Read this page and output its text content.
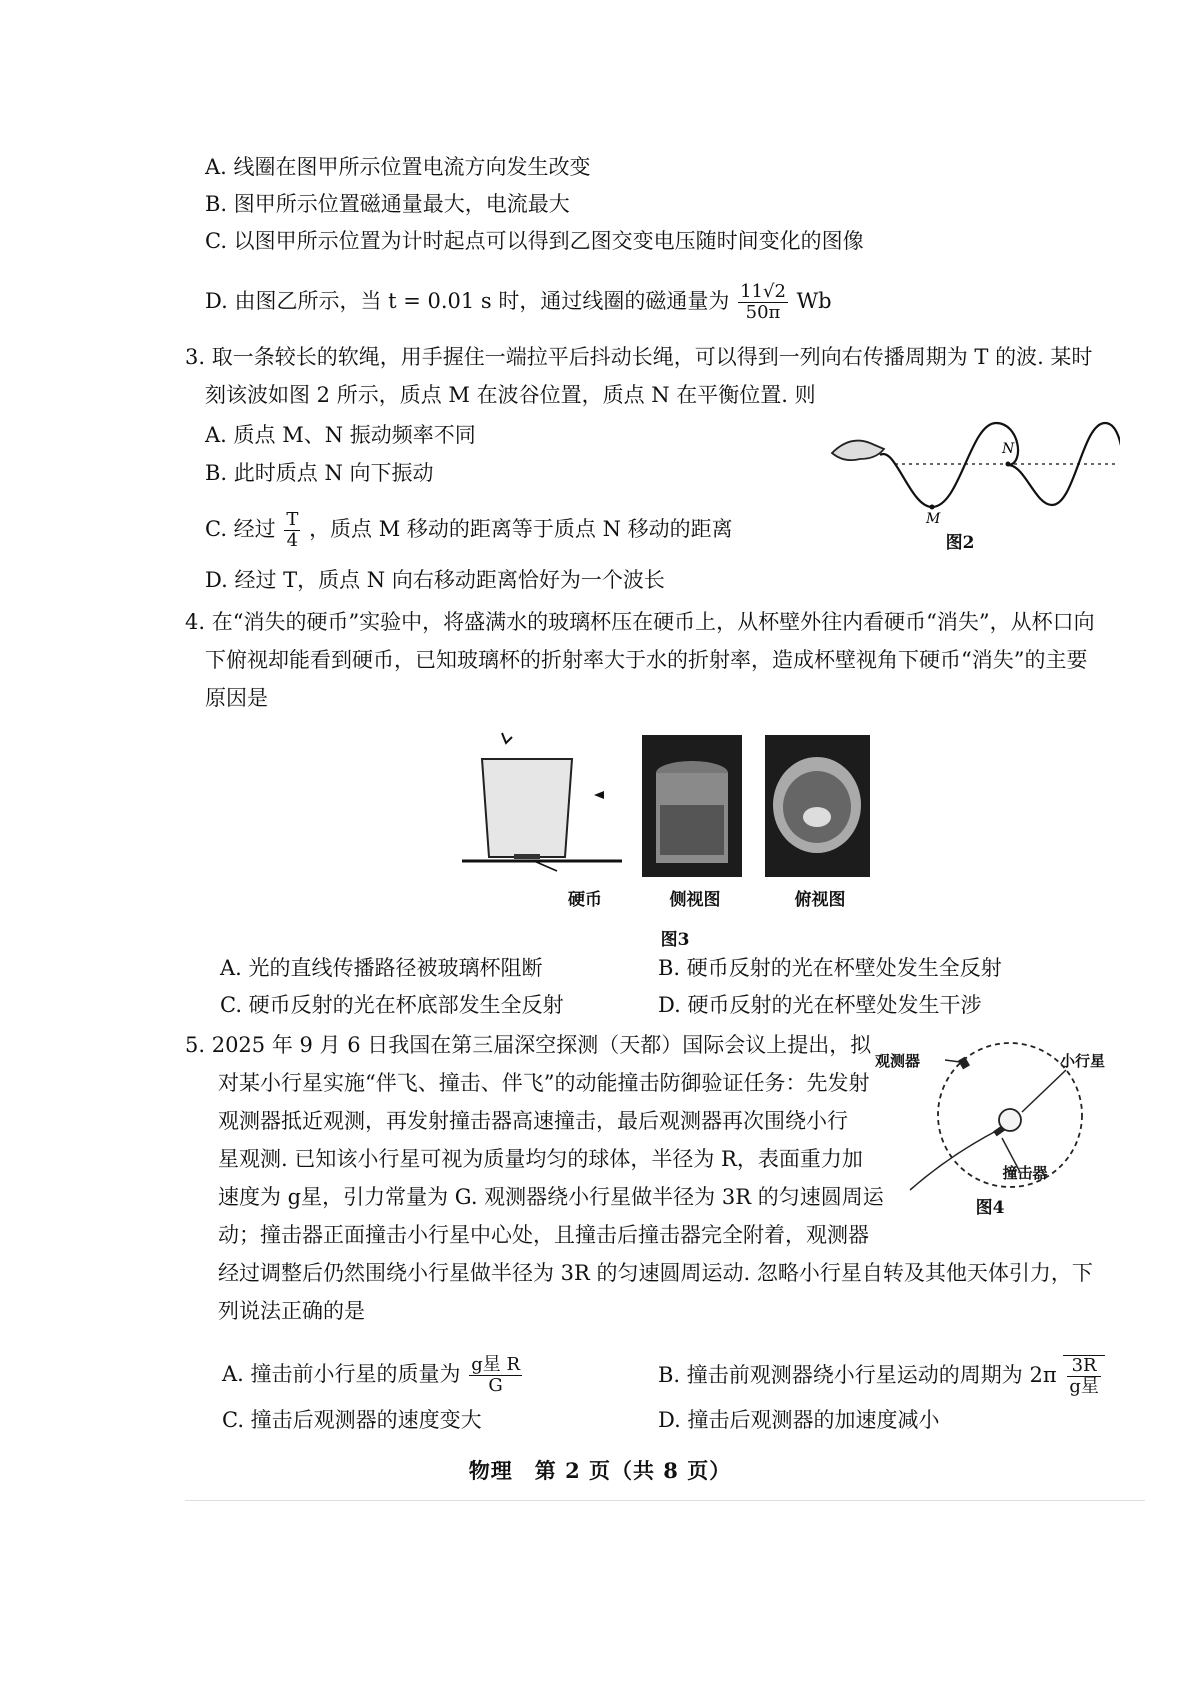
A. 线圈在图甲所示位置电流方向发生改变
B. 图甲所示位置磁通量最大，电流最大
C. 以图甲所示位置为计时起点可以得到乙图交变电压随时间变化的图像
D. 由图乙所示，当 t = 0.01 s 时，通过线圈的磁通量为 $\frac{11√2}{50\pi}$ Wb
3. 取一条较长的软绳，用手握住一端拉平后抖动长绳，可以得到一列向右传播周期为 T 的波. 某时
刻该波如图 2 所示，质点 M 在波谷位置，质点 N 在平衡位置. 则
A. 质点 M、N 振动频率不同
B. 此时质点 N 向下振动
C. 经过 $\frac{T}{4}$ ，质点 M 移动的距离等于质点 N 移动的距离
D. 经过 T，质点 N 向右移动距离恰好为一个波长
M
N
图2
4. 在“消失的硬币”实验中，将盛满水的玻璃杯压在硬币上，从杯壁外往内看硬币“消失”，从杯口向
下俯视却能看到硬币，已知玻璃杯的折射率大于水的折射率，造成杯壁视角下硬币“消失”的主要
原因是
硬币	侧视图	俯视图
图3
A. 光的直线传播路径被玻璃杯阻断	B. 硬币反射的光在杯壁处发生全反射
C. 硬币反射的光在杯底部发生全反射	D. 硬币反射的光在杯壁处发生干涉
5. 2025 年 9 月 6 日我国在第三届深空探测（天都）国际会议上提出，拟
对某小行星实施“伴飞、撞击、伴飞”的动能撞击防御验证任务：先发射
观测器抵近观测，再发射撞击器高速撞击，最后观测器再次围绕小行
星观测. 已知该小行星可视为质量均匀的球体，半径为 R，表面重力加
速度为 g星，引力常量为 G. 观测器绕小行星做半径为 3R 的匀速圆周运
动；撞击器正面撞击小行星中心处，且撞击后撞击器完全附着，观测器
经过调整后仍然围绕小行星做半径为 3R 的匀速圆周运动. 忽略小行星自转及其他天体引力，下
列说法正确的是
观测器	小行星
撞击器
图4
A. 撞击前小行星的质量为 $\frac{\text{g星 R}}{G}$	B. 撞击前观测器绕小行星运动的周期为 $2\pi \frac{3R}{\text{g星}}$
C. 撞击后观测器的速度变大	D. 撞击后观测器的加速度减小
物理　第 2 页（共 8 页）
